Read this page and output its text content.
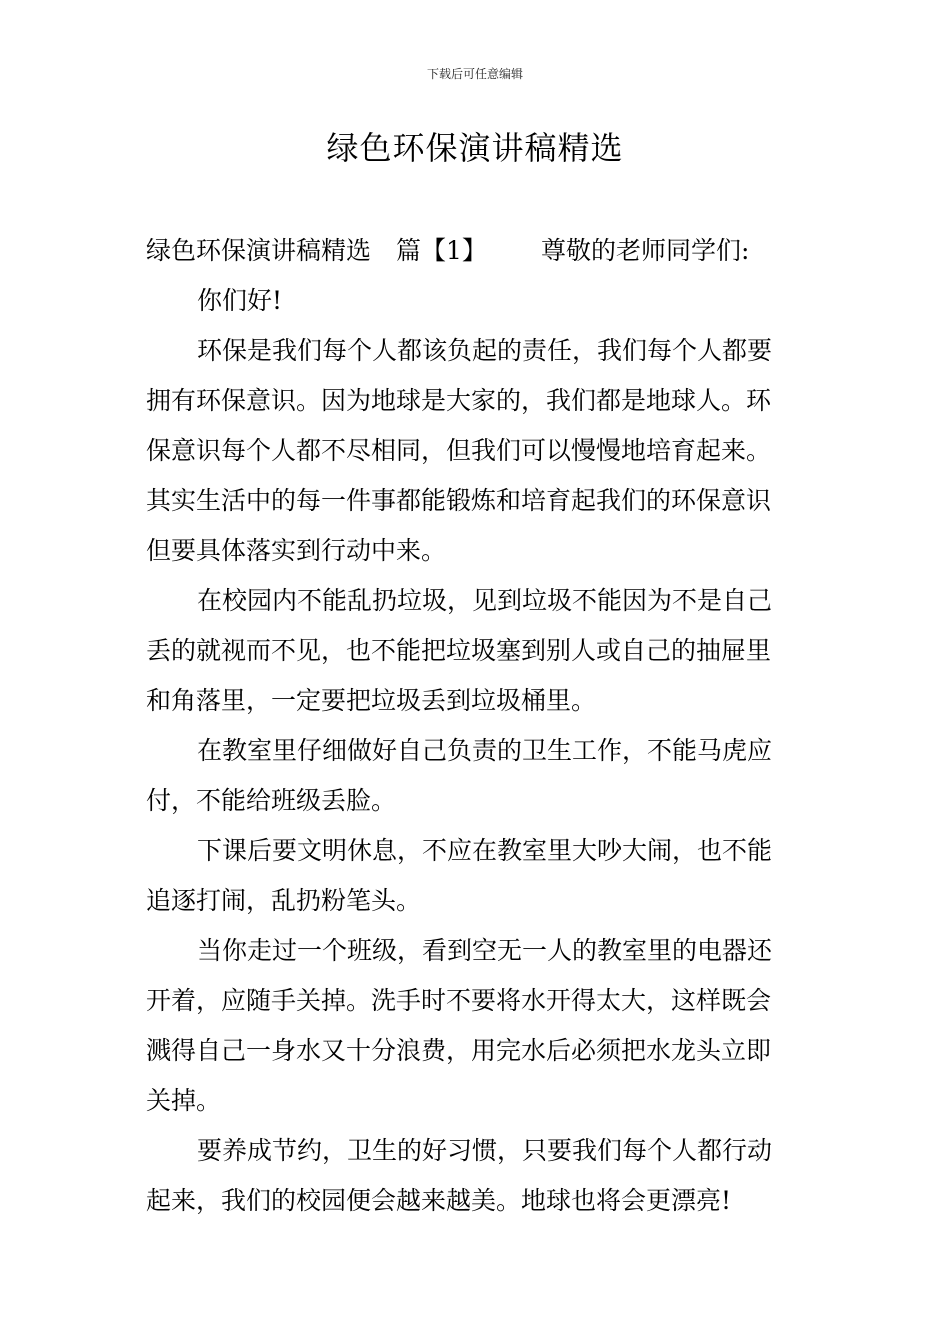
下载后可任意编辑
绿色环保演讲稿精选
绿色环保演讲稿精选 篇【1】 尊敬的老师同学们:
你们好!
环保是我们每个人都该负起的责任，我们每个人都要
拥有环保意识。因为地球是大家的，我们都是地球人。环
保意识每个人都不尽相同，但我们可以慢慢地培育起来。
其实生活中的每一件事都能锻炼和培育起我们的环保意识
但要具体落实到行动中来。
在校园内不能乱扔垃圾，见到垃圾不能因为不是自己
丢的就视而不见，也不能把垃圾塞到别人或自己的抽屉里
和角落里，一定要把垃圾丢到垃圾桶里。
在教室里仔细做好自己负责的卫生工作，不能马虎应
付，不能给班级丢脸。
下课后要文明休息，不应在教室里大吵大闹，也不能
追逐打闹，乱扔粉笔头。
当你走过一个班级，看到空无一人的教室里的电器还
开着，应随手关掉。洗手时不要将水开得太大，这样既会
溅得自己一身水又十分浪费，用完水后必须把水龙头立即
关掉。
要养成节约，卫生的好习惯，只要我们每个人都行动
起来，我们的校园便会越来越美。地球也将会更漂亮!
